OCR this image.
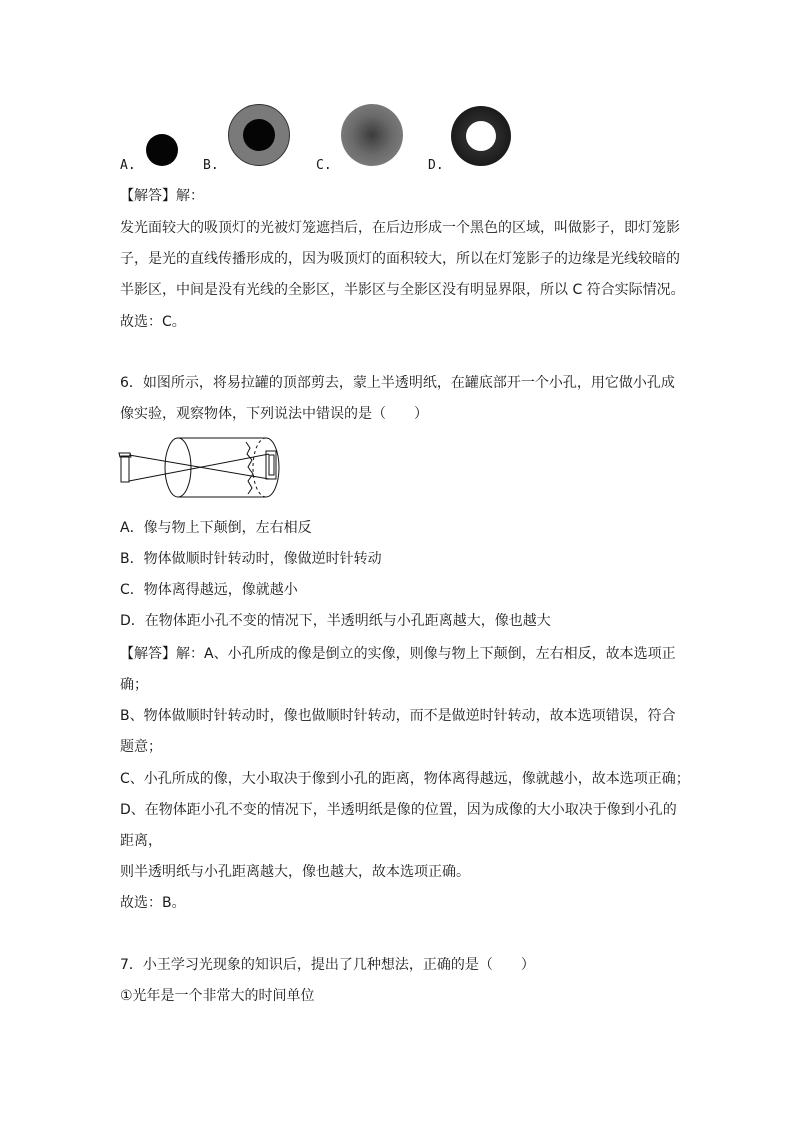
A.	B.	C.	D.
【解答】解：
发光面较大的吸顶灯的光被灯笼遮挡后，在后边形成一个黑色的区域，叫做影子，即灯笼影
子，是光的直线传播形成的，因为吸顶灯的面积较大，所以在灯笼影子的边缘是光线较暗的
半影区，中间是没有光线的全影区，半影区与全影区没有明显界限，所以 C 符合实际情况。
故选：C。
6．如图所示，将易拉罐的顶部剪去，蒙上半透明纸，在罐底部开一个小孔，用它做小孔成
像实验，观察物体，下列说法中错误的是（　　）
A．像与物上下颠倒，左右相反
B．物体做顺时针转动时，像做逆时针转动
C．物体离得越远，像就越小
D．在物体距小孔不变的情况下，半透明纸与小孔距离越大，像也越大
【解答】解：A、小孔所成的像是倒立的实像，则像与物上下颠倒，左右相反，故本选项正
确；
B、物体做顺时针转动时，像也做顺时针转动，而不是做逆时针转动，故本选项错误，符合
题意；
C、小孔所成的像，大小取决于像到小孔的距离，物体离得越远，像就越小，故本选项正确；
D、在物体距小孔不变的情况下，半透明纸是像的位置，因为成像的大小取决于像到小孔的
距离，
则半透明纸与小孔距离越大，像也越大，故本选项正确。
故选：B。
7．小王学习光现象的知识后，提出了几种想法，正确的是（　　）
①光年是一个非常大的时间单位
